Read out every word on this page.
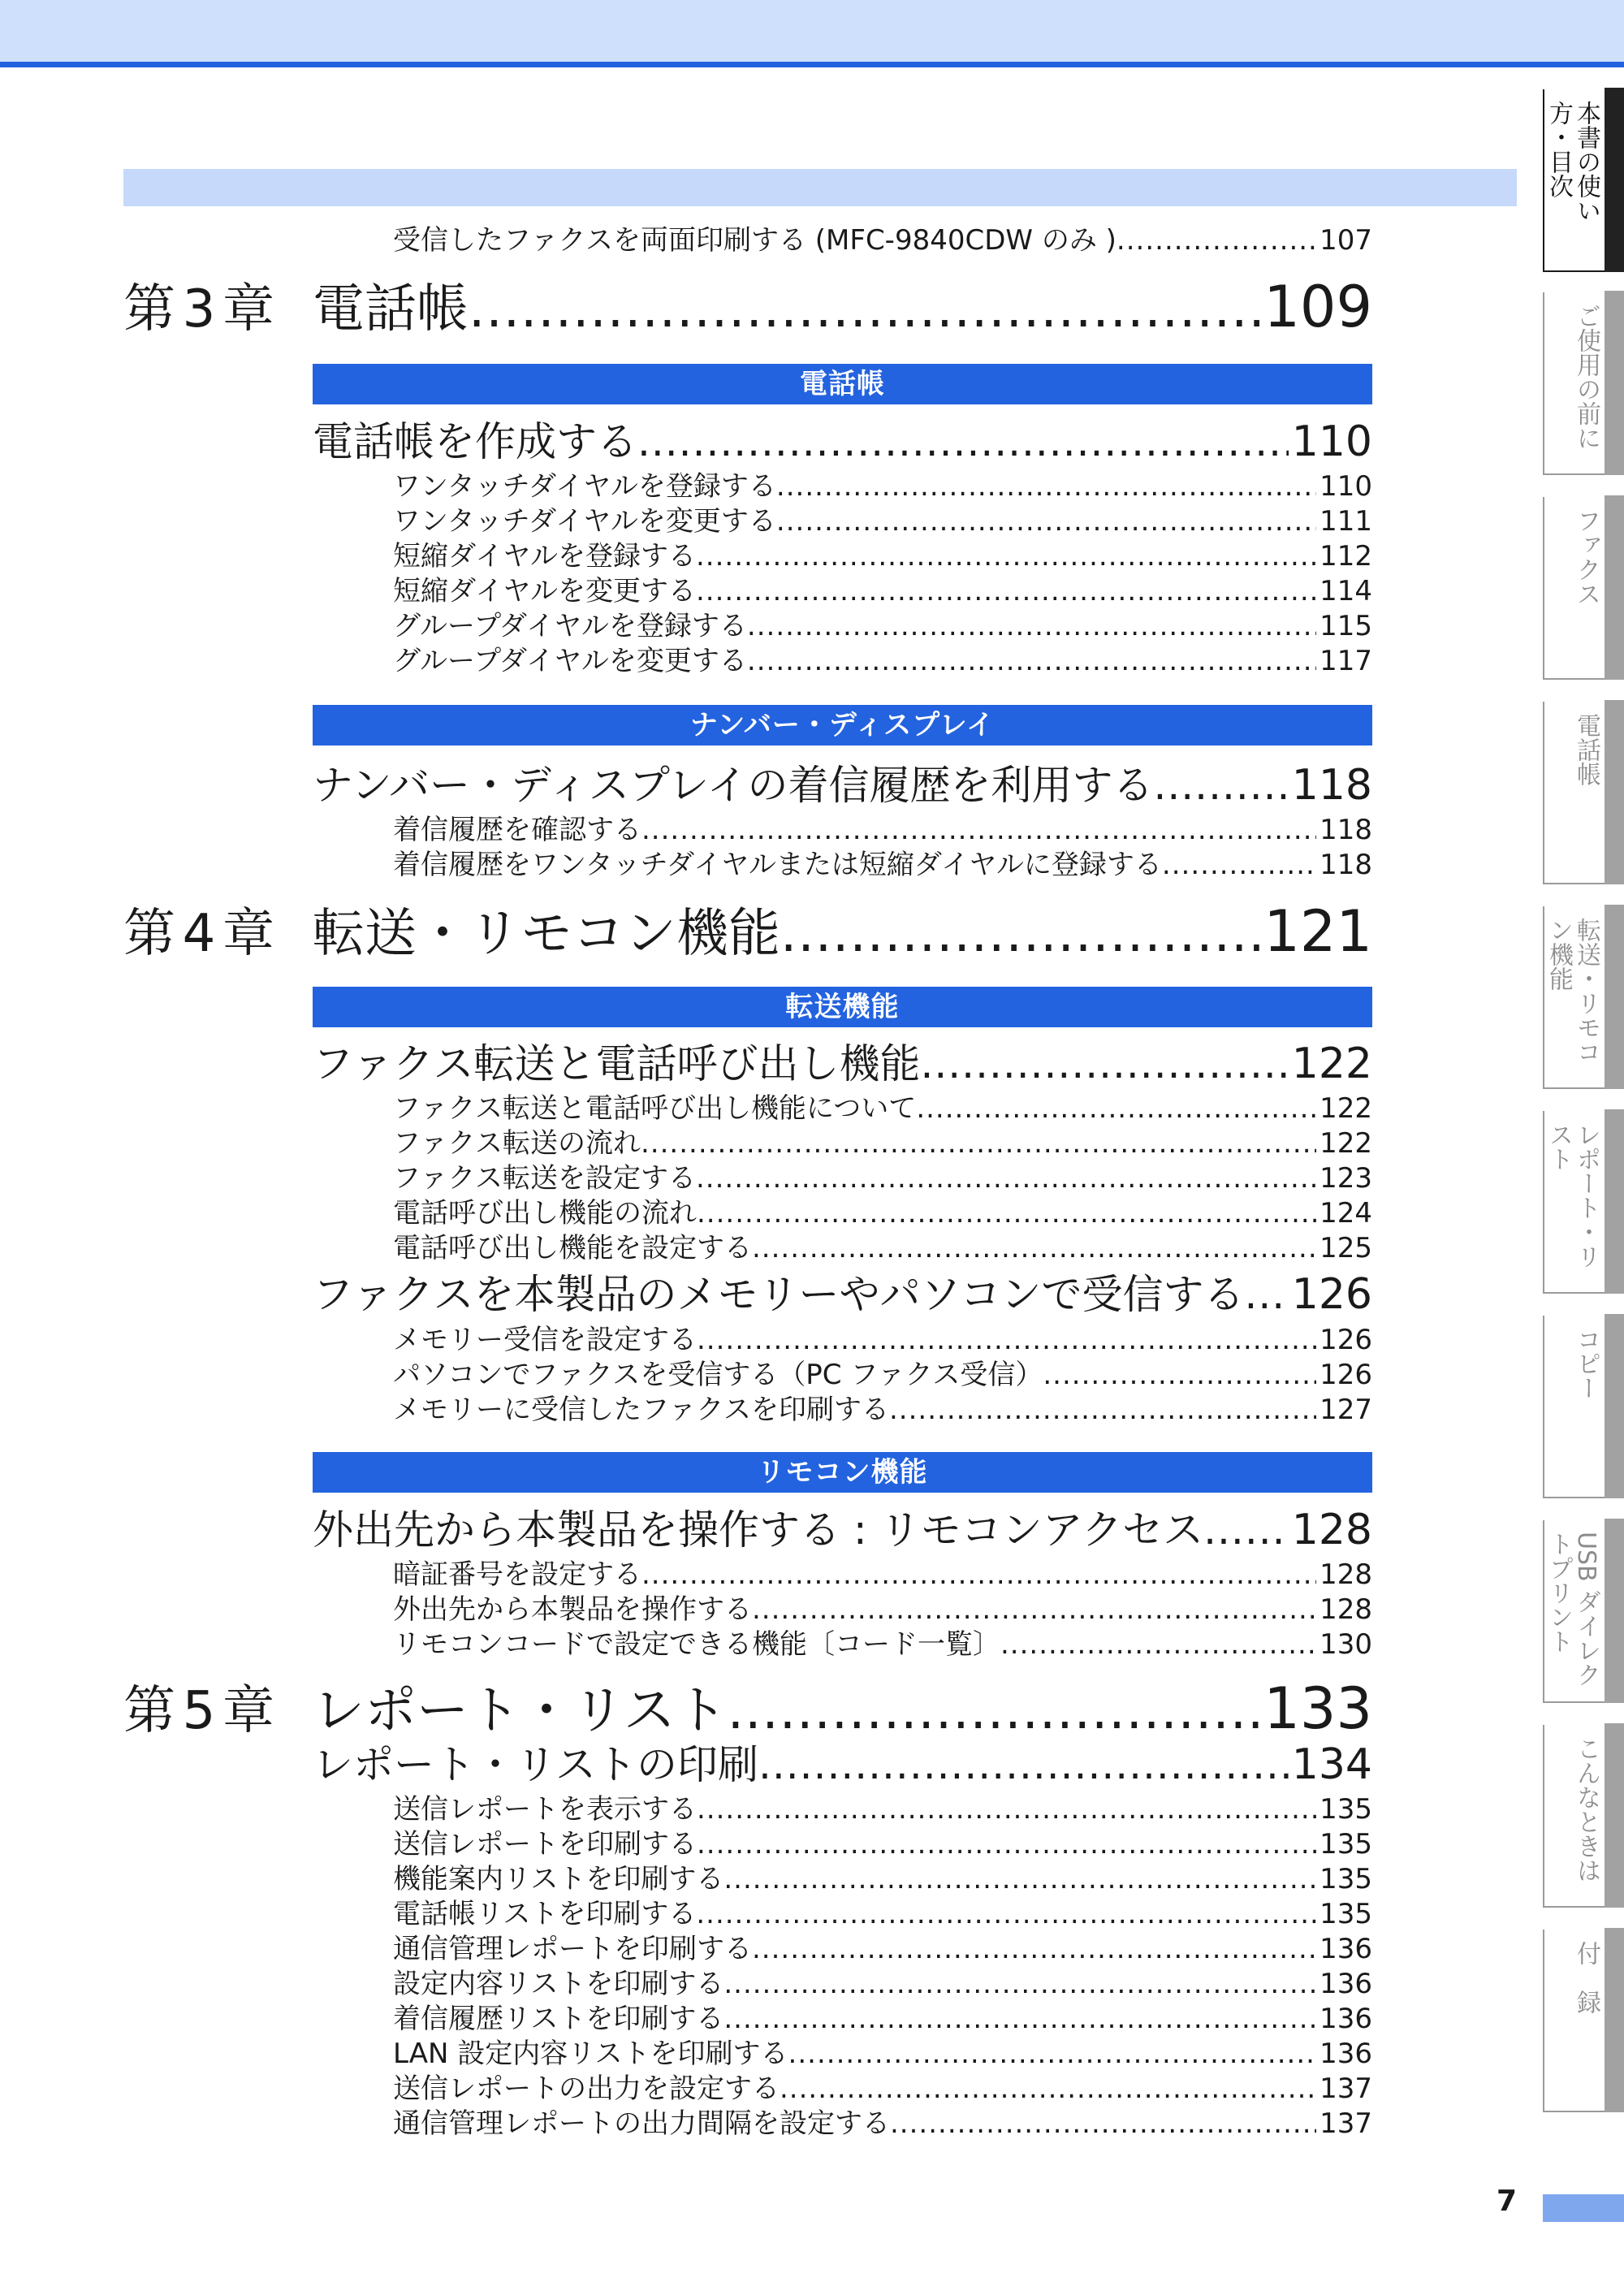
受信したファクスを両面印刷する (MFC-9840CDW のみ ) .....	107
第 3 章 電話帳 .....	109
電話帳
電話帳を作成する .....	110
ワンタッチダイヤルを登録する .....	110
ワンタッチダイヤルを変更する .....	111
短縮ダイヤルを登録する .....	112
短縮ダイヤルを変更する .....	114
グループダイヤルを登録する .....	115
グループダイヤルを変更する .....	117
ナンバー・ディスプレイ
ナンバー・ディスプレイの着信履歴を利用する .....	118
着信履歴を確認する .....	118
着信履歴をワンタッチダイヤルまたは短縮ダイヤルに登録する .....	118
第 4 章 転送・リモコン機能 .....	121
転送機能
ファクス転送と電話呼び出し機能 .....	122
ファクス転送と電話呼び出し機能について .....	122
ファクス転送の流れ .....	122
ファクス転送を設定する .....	123
電話呼び出し機能の流れ .....	124
電話呼び出し機能を設定する .....	125
ファクスを本製品のメモリーやパソコンで受信する ..... 126
メモリー受信を設定する .....	126
パソコンでファクスを受信する（PC ファクス受信） .....	126
メモリーに受信したファクスを印刷する .....	127
リモコン機能
外出先から本製品を操作する : リモコンアクセス ..... 128
暗証番号を設定する .....	128
外出先から本製品を操作する .....	128
リモコンコードで設定できる機能〔コード一覧〕 .....	130
第 5 章 レポート・リスト .....	133
レポート・リストの印刷 .....	134
送信レポートを表示する .....	135
送信レポートを印刷する .....	135
機能案内リストを印刷する .....	135
電話帳リストを印刷する .....	135
通信管理レポートを印刷する .....	136
設定内容リストを印刷する .....	136
着信履歴リストを印刷する .....	136
LAN 設定内容リストを印刷する .....	136
送信レポートの出力を設定する .....	137
通信管理レポートの出力間隔を設定する .....	137
本書の使い方・目次
ご使用の前に
ファクス
電話帳
転送・リモコン機能
レポート・リスト
コピー
USB ダイレクトプリント
こんなときは
付　録
7
